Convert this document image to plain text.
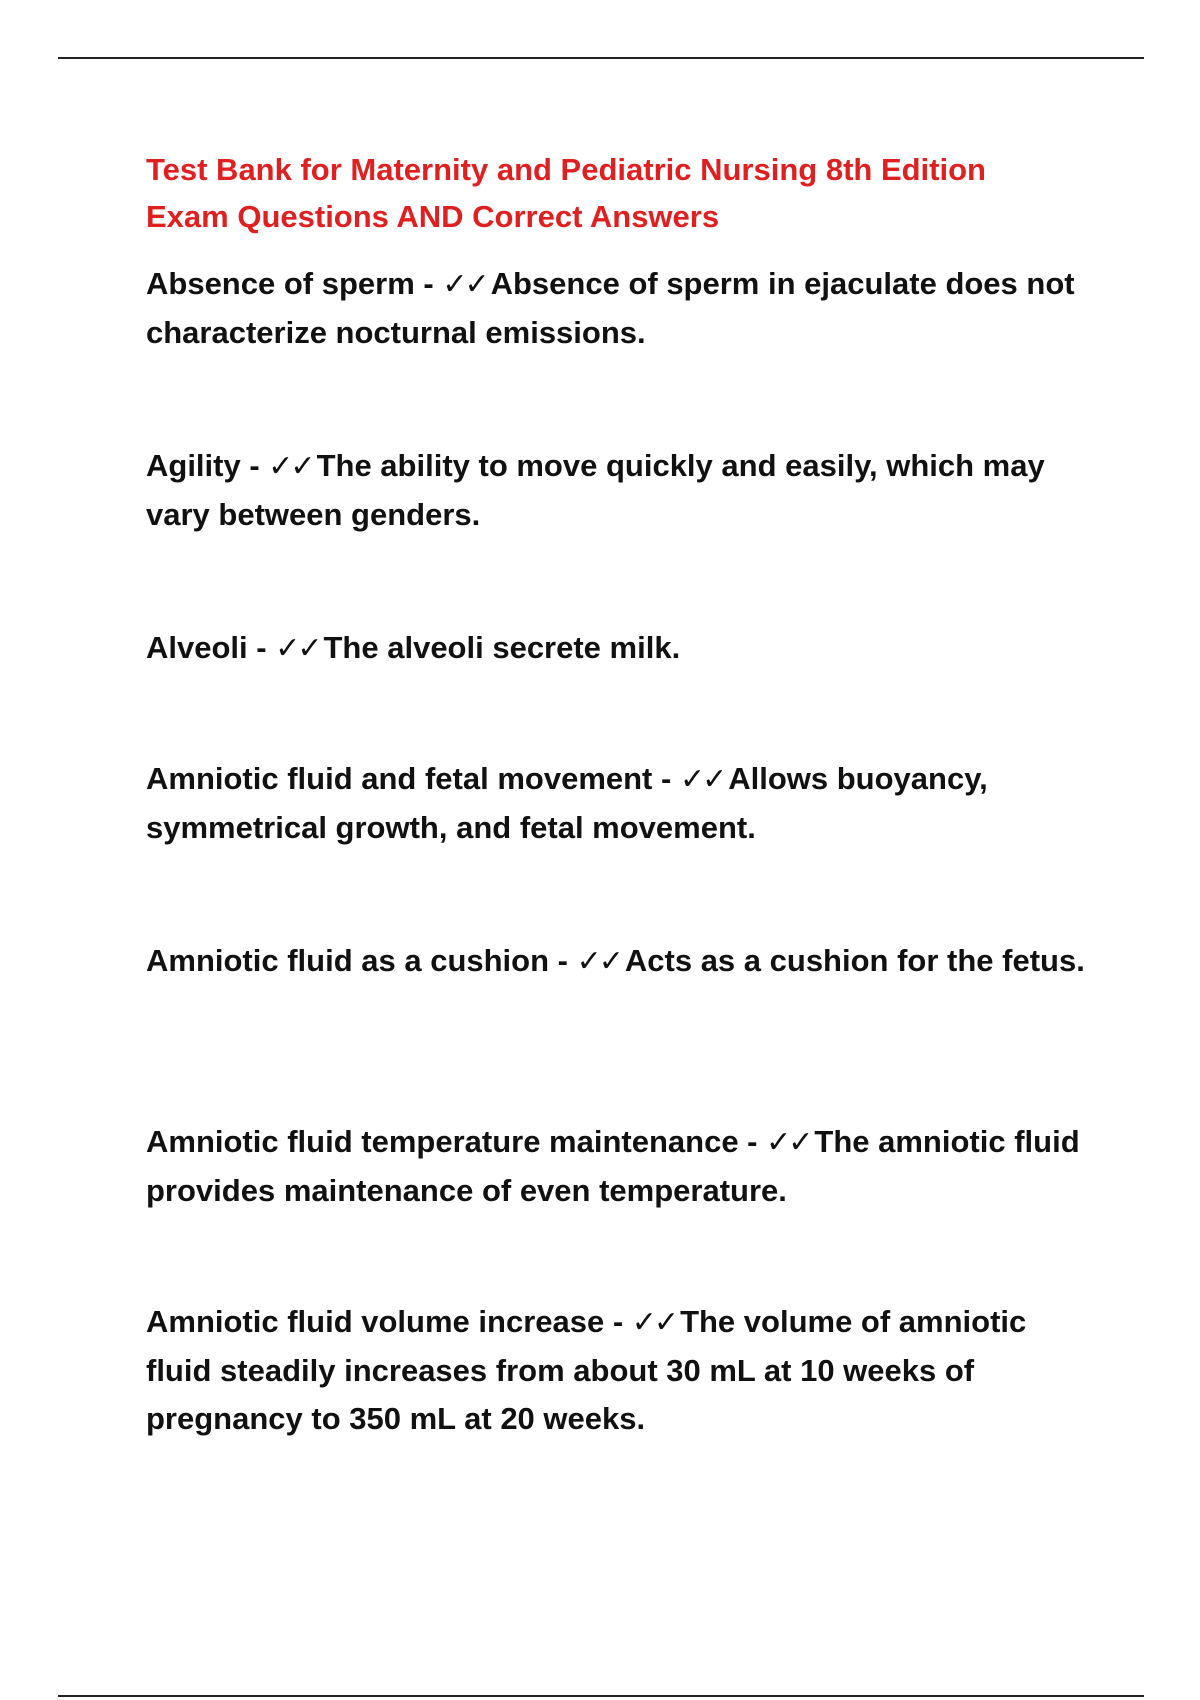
Test Bank for Maternity and Pediatric Nursing 8th Edition
Exam Questions AND Correct Answers

Absence of sperm - ✓✓ Absence of sperm in ejaculate does not characterize nocturnal emissions.

Agility - ✓✓ The ability to move quickly and easily, which may vary between genders.

Alveoli - ✓✓ The alveoli secrete milk.

Amniotic fluid and fetal movement - ✓✓ Allows buoyancy, symmetrical growth, and fetal movement.

Amniotic fluid as a cushion - ✓✓ Acts as a cushion for the fetus.

Amniotic fluid temperature maintenance - ✓✓ The amniotic fluid provides maintenance of even temperature.

Amniotic fluid volume increase - ✓✓ The volume of amniotic fluid steadily increases from about 30 mL at 10 weeks of pregnancy to 350 mL at 20 weeks.
